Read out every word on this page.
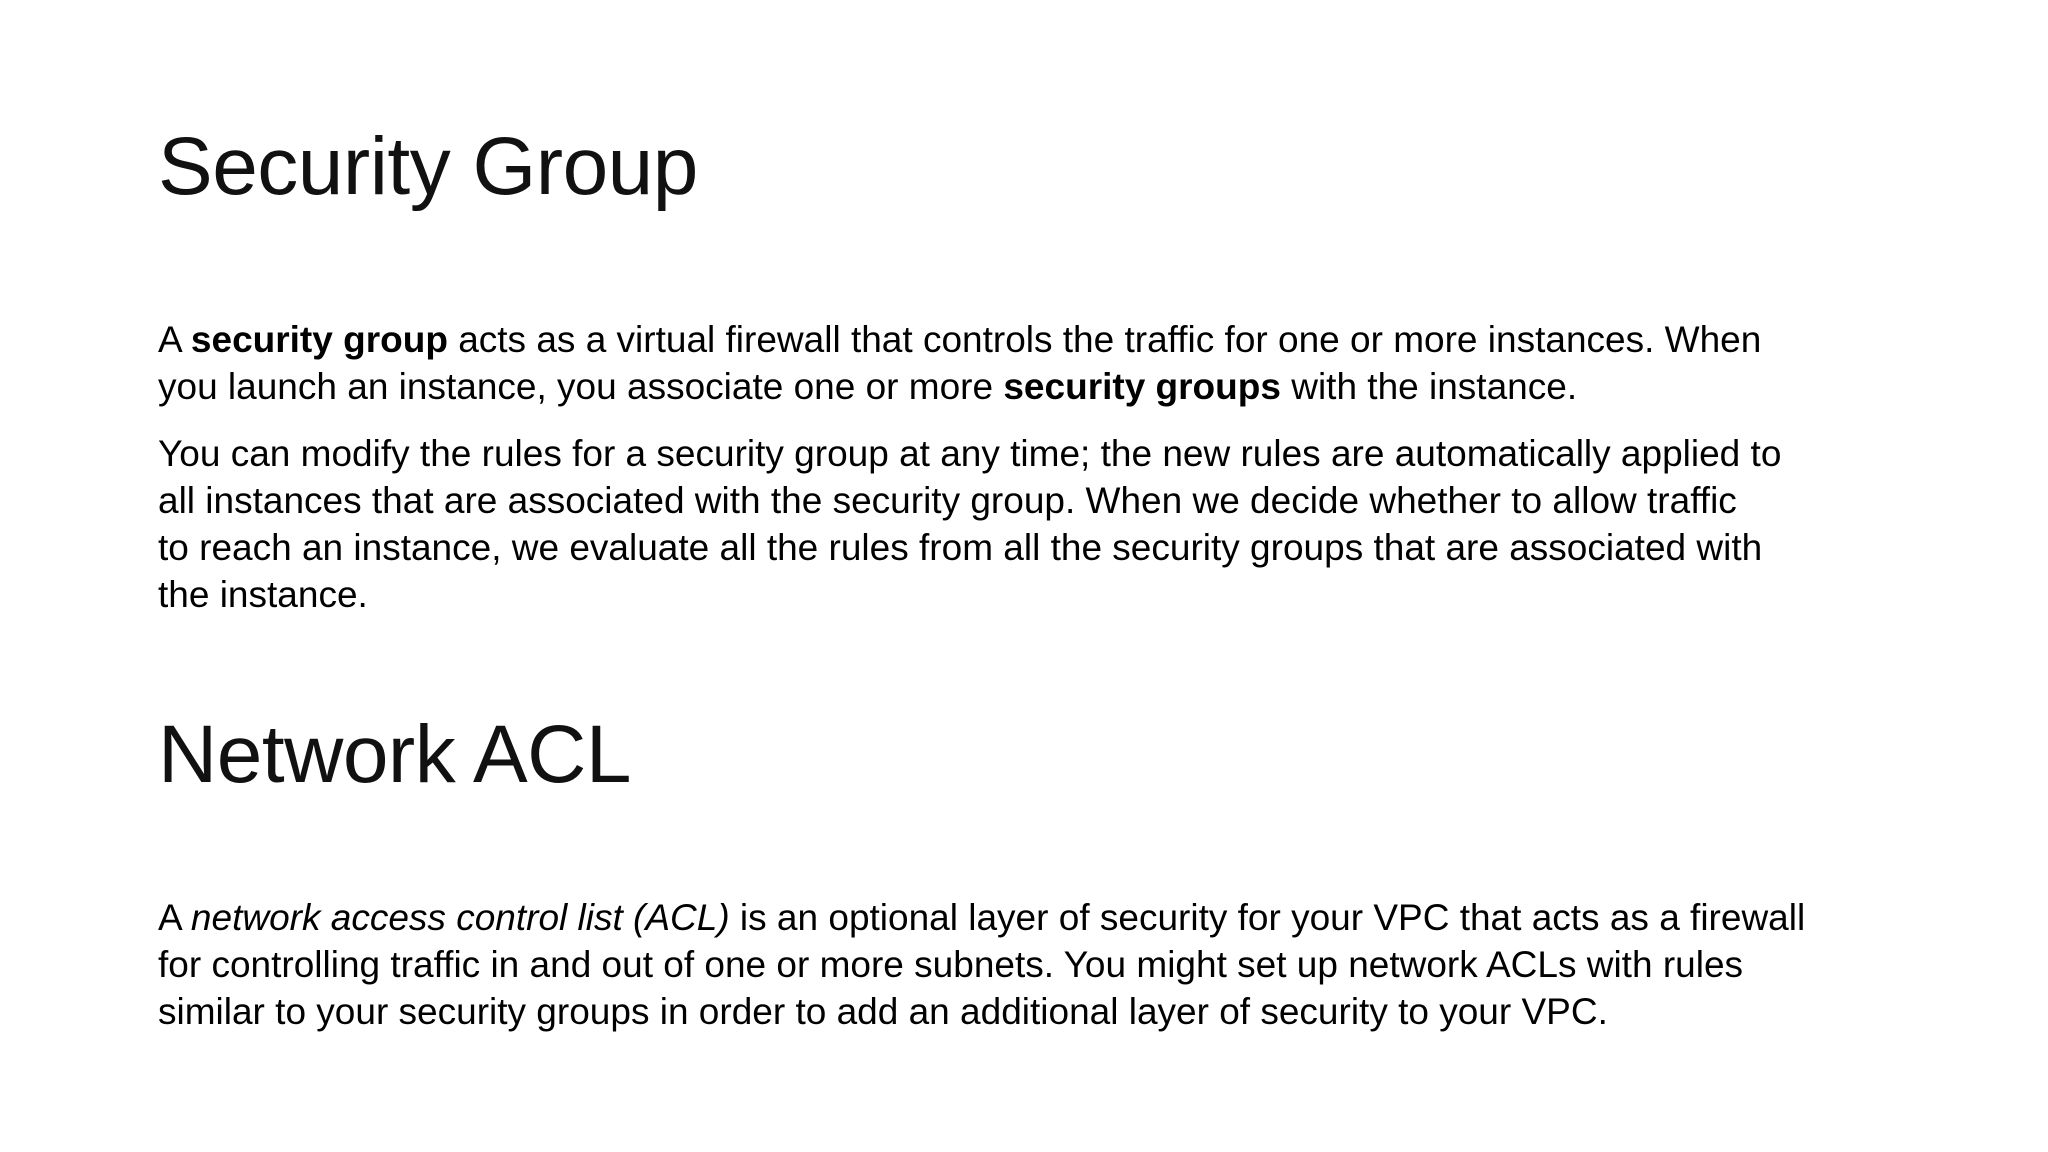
Security Group

A security group acts as a virtual firewall that controls the traffic for one or more instances. When
you launch an instance, you associate one or more security groups with the instance.

You can modify the rules for a security group at any time; the new rules are automatically applied to
all instances that are associated with the security group. When we decide whether to allow traffic
to reach an instance, we evaluate all the rules from all the security groups that are associated with
the instance.

Network ACL

A network access control list (ACL) is an optional layer of security for your VPC that acts as a firewall
for controlling traffic in and out of one or more subnets. You might set up network ACLs with rules
similar to your security groups in order to add an additional layer of security to your VPC.
